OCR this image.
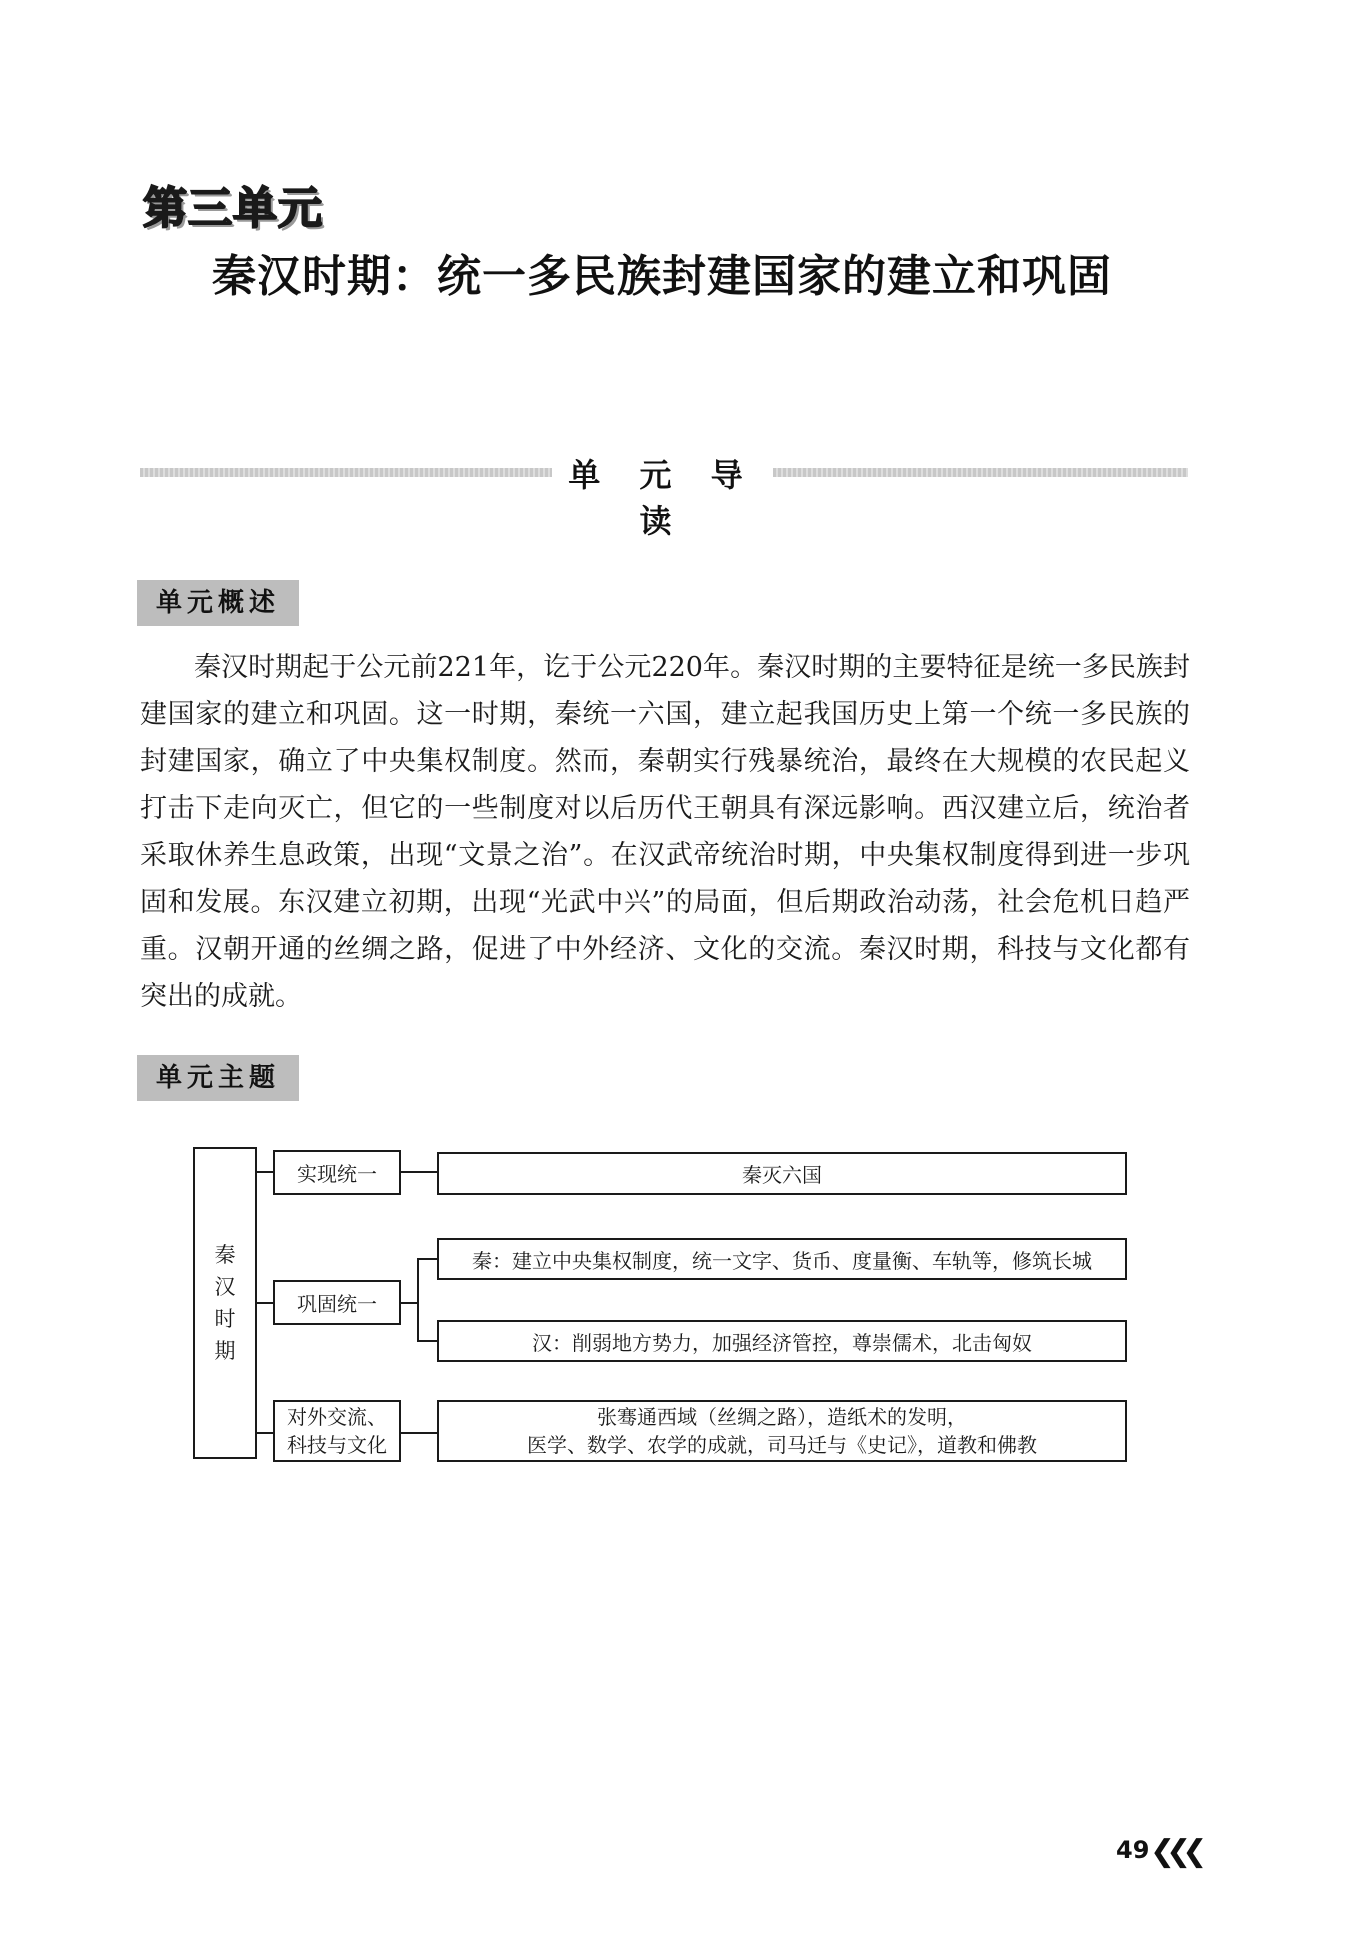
第三单元
秦汉时期：统一多民族封建国家的建立和巩固
单 元 导 读
单元概述

秦汉时期起于公元前221年，讫于公元220年。秦汉时期的主要特征是统一多民族封建国家的建立和巩固。这一时期，秦统一六国，建立起我国历史上第一个统一多民族的封建国家，确立了中央集权制度。然而，秦朝实行残暴统治，最终在大规模的农民起义打击下走向灭亡，但它的一些制度对以后历代王朝具有深远影响。西汉建立后，统治者采取休养生息政策，出现“文景之治”。在汉武帝统治时期，中央集权制度得到进一步巩固和发展。东汉建立初期，出现“光武中兴”的局面，但后期政治动荡，社会危机日趋严重。汉朝开通的丝绸之路，促进了中外经济、文化的交流。秦汉时期，科技与文化都有突出的成就。

单元主题
秦
汉
时
期
实现统一
巩固统一
对外交流、
科技与文化
秦灭六国
秦：建立中央集权制度，统一文字、货币、度量衡、车轨等，修筑长城
汉：削弱地方势力，加强经济管控，尊崇儒术，北击匈奴
张骞通西域（丝绸之路），造纸术的发明，
医学、数学、农学的成就，司马迁与《史记》，道教和佛教
49 ❮❮❮
